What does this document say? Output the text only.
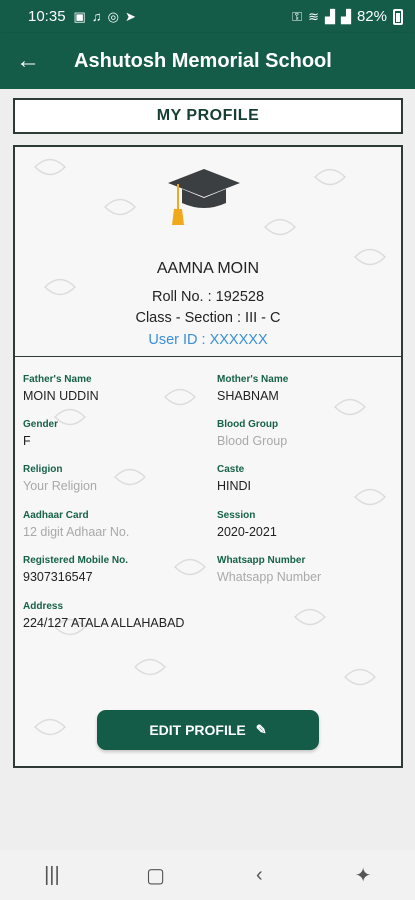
10:35 ▣ ♫ ◎ ➤	⚿ ≋ ▟ ▟ 82%
← Ashutosh Memorial School
MY PROFILE
AAMNA MOIN
Roll No. : 192528
Class - Section : III - C
User ID : XXXXXX
Father's Name
MOIN UDDIN
Mother's Name
SHABNAM
Gender
F
Blood Group
Blood Group
Religion
Your Religion
Caste
HINDI
Aadhaar Card
12 digit Adhaar No.
Session
2020-2021
Registered Mobile No.
9307316547
Whatsapp Number
Whatsapp Number
Address
224/127 ATALA ALLAHABAD
EDIT PROFILE ✎
|||	▢	‹	✦
